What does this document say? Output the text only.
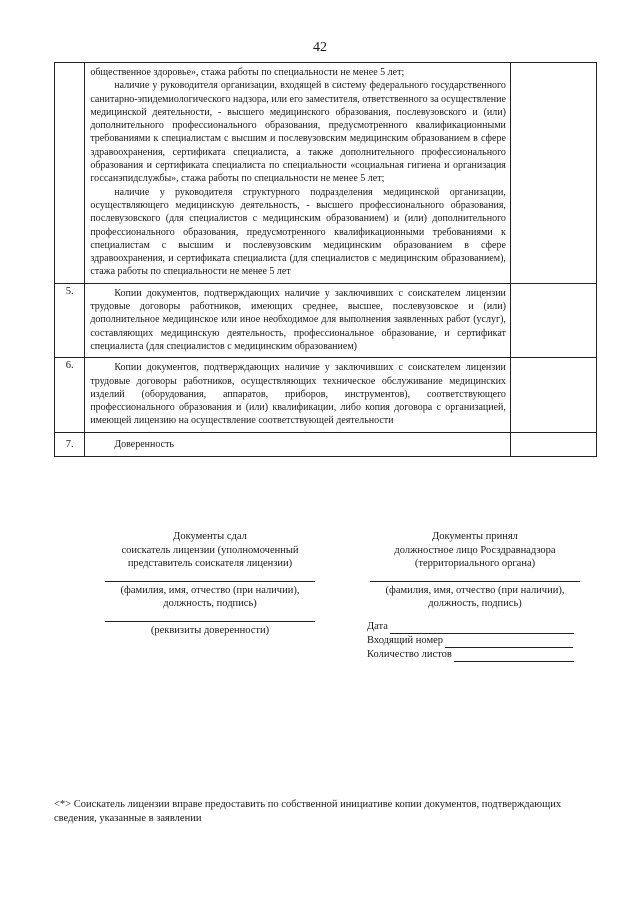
42

	общественное здоровье», стажа работы по специальности не менее 5 лет;

наличие у руководителя организации, входящей в систему федерального государственного санитарно-эпидемиологического надзора, или его заместителя, ответственного за осуществление медицинской деятельности, - высшего медицинского образования, послевузовского и (или) дополнительного профессионального образования, предусмотренного квалификационными требованиями к специалистам с высшим и послевузовским медицинским образованием в сфере здравоохранения, сертификата специалиста, а также дополнительного профессионального образования и сертификата специалиста по специальности «социальная гигиена и организация госсанэпидслужбы», стажа работы по специальности не менее 5 лет;

наличие у руководителя структурного подразделения медицинской организации, осуществляющего медицинскую деятельность, - высшего профессионального образования, послевузовского (для специалистов с медицинским образованием) и (или) дополнительного профессионального образования, предусмотренного квалификационными требованиями к специалистам с высшим и послевузовским медицинским образованием в сфере здравоохранения, и сертификата специалиста (для специалистов с медицинским образованием), стажа работы по специальности не менее 5 лет	

5.	Копии документов, подтверждающих наличие у заключивших с соискателем лицензии трудовые договоры работников, имеющих среднее, высшее, послевузовское и (или) дополнительное медицинское или иное необходимое для выполнения заявленных работ (услуг), составляющих медицинскую деятельность, профессиональное образование, и сертификат специалиста (для специалистов с медицинским образованием)	

6.	Копии документов, подтверждающих наличие у заключивших с соискателем лицензии трудовые договоры работников, осуществляющих техническое обслуживание медицинских изделий (оборудования, аппаратов, приборов, инструментов), соответствующего профессионального образования и (или) квалификации, либо копия договора с организацией, имеющей лицензию на осуществление соответствующей деятельности	

7.	Доверенность	

Документы сдал
соискатель лицензии (уполномоченный
представитель соискателя лицензии)
(фамилия, имя, отчество (при наличии),
должность, подпись)
(реквизиты доверенности)
Документы принял
должностное лицо Росздравнадзора
(территориального органа)
(фамилия, имя, отчество (при наличии),
должность, подпись)
Дата
Входящий номер
Количество листов
<*> Соискатель лицензии вправе предоставить по собственной инициативе копии документов, подтверждающих сведения, указанные в заявлении
